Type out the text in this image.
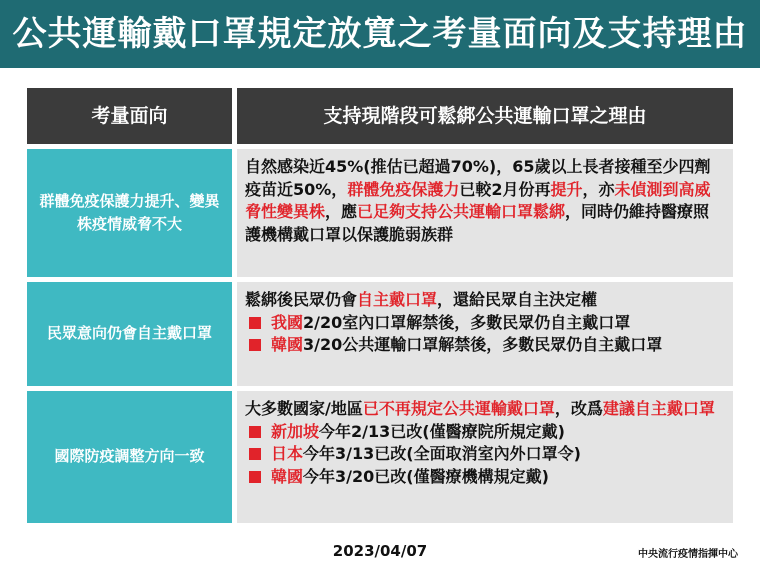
公共運輸戴口罩規定放寬之考量面向及支持理由
考量面向	支持現階段可鬆綁公共運輸口罩之理由
群體免疫保護力提升、變異株疫情威脅不大
自然感染近45%(推估已超過70%)，65歲以上長者接種至少四劑疫苗近50%，群體免疫保護力已較2月份再提升，亦未偵測到高威脅性變異株，應已足夠支持公共運輸口罩鬆綁，同時仍維持醫療照護機構戴口罩以保護脆弱族群
民眾意向仍會自主戴口罩
鬆綁後民眾仍會自主戴口罩，還給民眾自主決定權
我國2/20室內口罩解禁後，多數民眾仍自主戴口罩
韓國3/20公共運輸口罩解禁後，多數民眾仍自主戴口罩
國際防疫調整方向一致
大多數國家/地區已不再規定公共運輸戴口罩，改爲建議自主戴口罩
新加坡今年2/13已改(僅醫療院所規定戴)
日本今年3/13已改(全面取消室內外口罩令)
韓國今年3/20已改(僅醫療機構規定戴)
2023/04/07	中央流行疫情指揮中心
